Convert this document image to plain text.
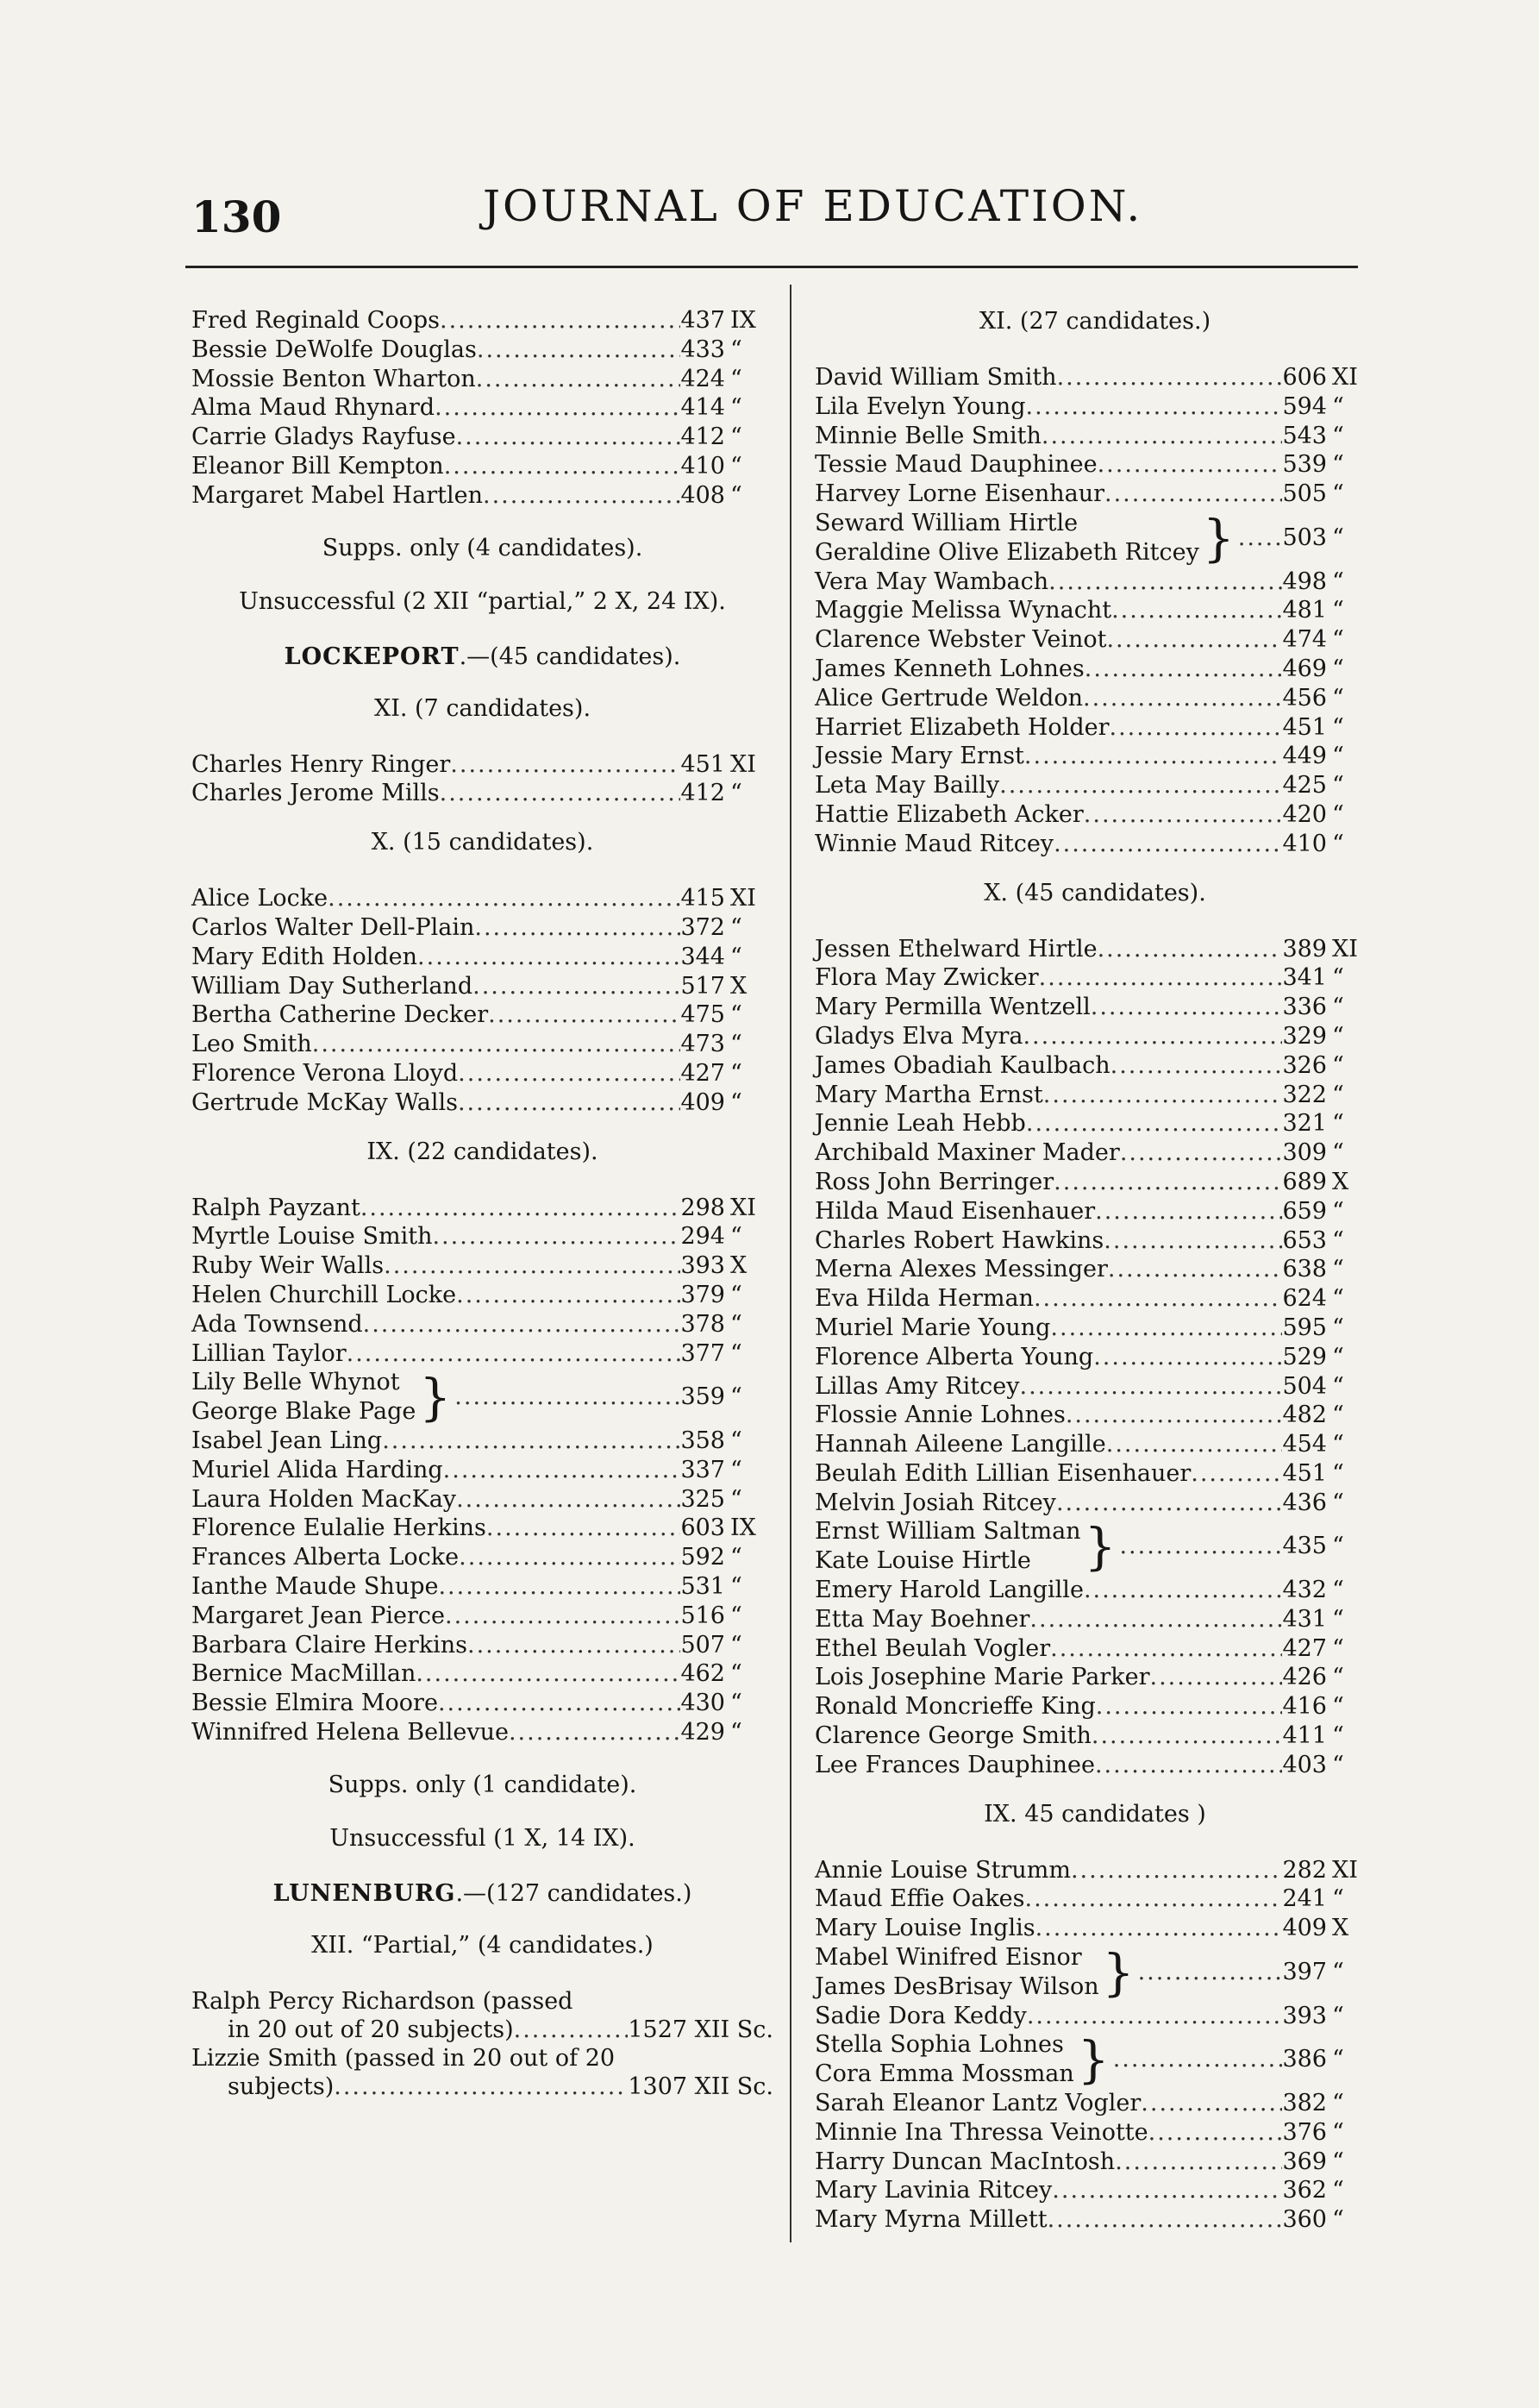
130	JOURNAL OF EDUCATION.
Fred Reginald Coops .....	437 IX
Bessie DeWolfe Douglas .....	433 “
Mossie Benton Wharton .....	424 “
Alma Maud Rhynard .....	414 “
Carrie Gladys Rayfuse .....	412 “
Eleanor Bill Kempton .....	410 “
Margaret Mabel Hartlen .....	408 “
Supps. only (4 candidates).
Unsuccessful (2 XII “partial,” 2 X, 24 IX).
LOCKEPORT.—(45 candidates).
XI. (7 candidates).
Charles Henry Ringer .....	451 XI
Charles Jerome Mills .....	412 “
X. (15 candidates).
Alice Locke .....	415 XI
Carlos Walter Dell-Plain .....	372 “
Mary Edith Holden .....	344 “
William Day Sutherland .....	517 X
Bertha Catherine Decker .....	475 “
Leo Smith .....	473 “
Florence Verona Lloyd .....	427 “
Gertrude McKay Walls .....	409 “
IX. (22 candidates).
Ralph Payzant .....	298 XI
Myrtle Louise Smith .....	294 “
Ruby Weir Walls .....	393 X
Helen Churchill Locke .....	379 “
Ada Townsend .....	378 “
Lillian Taylor .....	377 “
Lily Belle Whynot
George Blake Page } .....	359 “
Isabel Jean Ling .....	358 “
Muriel Alida Harding .....	337 “
Laura Holden MacKay .....	325 “
Florence Eulalie Herkins .....	603 IX
Frances Alberta Locke .....	592 “
Ianthe Maude Shupe .....	531 “
Margaret Jean Pierce .....	516 “
Barbara Claire Herkins .....	507 “
Bernice MacMillan .....	462 “
Bessie Elmira Moore .....	430 “
Winnifred Helena Bellevue .....	429 “
Supps. only (1 candidate).
Unsuccessful (1 X, 14 IX).
LUNENBURG.—(127 candidates.)
XII. “Partial,” (4 candidates.)
Ralph Percy Richardson (passed
in 20 out of 20 subjects) .....	1527 XII Sc.
Lizzie Smith (passed in 20 out of 20
subjects) .....	1307 XII Sc.
XI. (27 candidates.)
David William Smith .....	606 XI
Lila Evelyn Young .....	594 “
Minnie Belle Smith .....	543 “
Tessie Maud Dauphinee .....	539 “
Harvey Lorne Eisenhaur .....	505 “
Seward William Hirtle
Geraldine Olive Elizabeth Ritcey } ..... 503 “
Vera May Wambach .....	498 “
Maggie Melissa Wynacht .....	481 “
Clarence Webster Veinot .....	474 “
James Kenneth Lohnes .....	469 “
Alice Gertrude Weldon .....	456 “
Harriet Elizabeth Holder .....	451 “
Jessie Mary Ernst .....	449 “
Leta May Bailly .....	425 “
Hattie Elizabeth Acker .....	420 “
Winnie Maud Ritcey .....	410 “
X. (45 candidates).
Jessen Ethelward Hirtle .....	389 XI
Flora May Zwicker .....	341 “
Mary Permilla Wentzell .....	336 “
Gladys Elva Myra .....	329 “
James Obadiah Kaulbach .....	326 “
Mary Martha Ernst .....	322 “
Jennie Leah Hebb .....	321 “
Archibald Maxiner Mader .....	309 “
Ross John Berringer .....	689 X
Hilda Maud Eisenhauer .....	659 “
Charles Robert Hawkins .....	653 “
Merna Alexes Messinger .....	638 “
Eva Hilda Herman .....	624 “
Muriel Marie Young .....	595 “
Florence Alberta Young .....	529 “
Lillas Amy Ritcey .....	504 “
Flossie Annie Lohnes .....	482 “
Hannah Aileene Langille .....	454 “
Beulah Edith Lillian Eisenhauer .....	451 “
Melvin Josiah Ritcey .....	436 “
Ernst William Saltman
Kate Louise Hirtle	} .....	435 “
Emery Harold Langille .....	432 “
Etta May Boehner .....	431 “
Ethel Beulah Vogler .....	427 “
Lois Josephine Marie Parker .....	426 “
Ronald Moncrieffe King .....	416 “
Clarence George Smith .....	411 “
Lee Frances Dauphinee .....	403 “
IX. 45 candidates )
Annie Louise Strumm .....	282 XI
Maud Effie Oakes .....	241 “
Mary Louise Inglis .....	409 X
Mabel Winifred Eisnor
James DesBrisay Wilson } .....	397 “
Sadie Dora Keddy .....	393 “
Stella Sophia Lohnes
Cora Emma Mossman } .....	386 “
Sarah Eleanor Lantz Vogler .....	382 “
Minnie Ina Thressa Veinotte .....	376 “
Harry Duncan MacIntosh .....	369 “
Mary Lavinia Ritcey .....	362 “
Mary Myrna Millett .....	360 “
